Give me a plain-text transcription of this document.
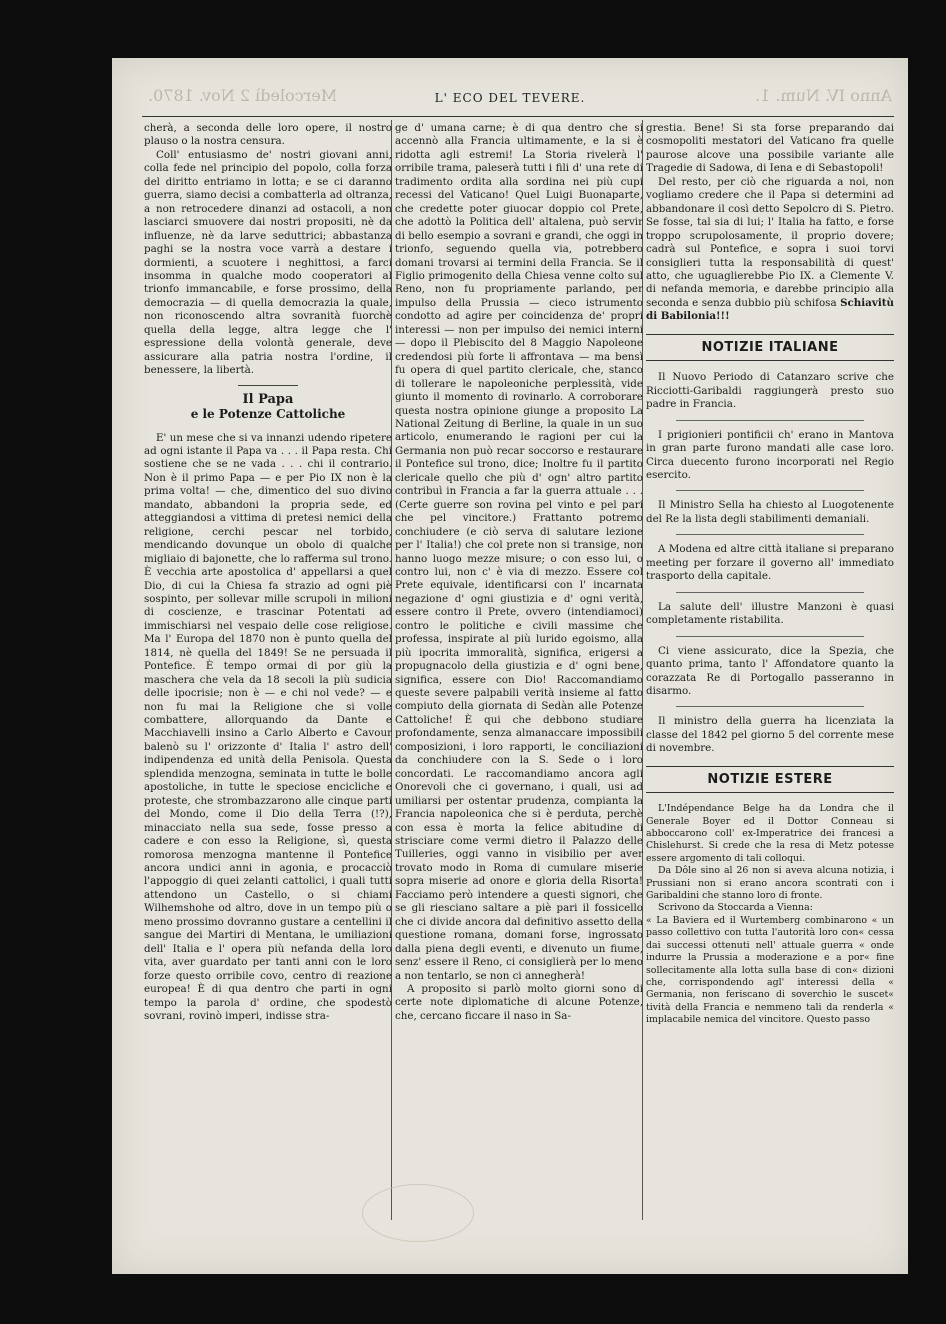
Mercoledì 2 Nov. 1870.	L' ECO DEL TEVERE.	Anno IV. Num. 1.

cherà, a seconda delle loro opere, il nostro plauso o la nostra censura.

Coll' entusiasmo de' nostri giovani anni, colla fede nel principio del popolo, colla forza del diritto entriamo in lotta; e se ci daranno guerra, siamo decisi a combatterla ad oltranza, a non retrocedere dinanzi ad ostacoli, a non lasciarci smuovere dai nostri propositi, nè da influenze, nè da larve seduttrici; abbastanza paghi se la nostra voce varrà a destare i dormienti, a scuotere i neghittosi, a farci insomma in qualche modo cooperatori al trionfo immancabile, e forse prossimo, della democrazia — di quella democrazia la quale, non riconoscendo altra sovranità fuorchè quella della legge, altra legge che l' espressione della volontà generale, deve assicurare alla patria nostra l'ordine, il benessere, la libertà.

Il Papa
e le Potenze Cattoliche

E' un mese che si va innanzi udendo ripetere ad ogni istante il Papa va . . . il Papa resta. Chi sostiene che se ne vada . . . chi il contrario. Non è il primo Papa — e per Pio IX non è la prima volta! — che, dimentico del suo divino mandato, abbandoni la propria sede, ed atteggiandosi a vittima di pretesi nemici della religione, cerchi pescar nel torbido, mendicando dovunque un obolo di qualche migliaio di bajonette, che lo rafferma sul trono. È vecchia arte apostolica d' appellarsi a quel Dio, di cui la Chiesa fa strazio ad ogni piè sospinto, per sollevar mille scrupoli in milioni di coscienze, e trascinar Potentati ad immischiarsi nel vespaio delle cose religiose. Ma l' Europa del 1870 non è punto quella del 1814, nè quella del 1849! Se ne persuada il Pontefice. È tempo ormai di por giù la maschera che vela da 18 secoli la più sudicia delle ipocrisie; non è — e chi nol vede? — e non fu mai la Religione che si volle combattere, allorquando da Dante e Macchiavelli insino a Carlo Alberto e Cavour balenò su l' orizzonte d' Italia l' astro dell' indipendenza ed unità della Penisola. Questa splendida menzogna, seminata in tutte le bolle apostoliche, in tutte le speciose encicliche e proteste, che strombazzarono alle cinque parti del Mondo, come il Dio della Terra (!?), minacciato nella sua sede, fosse presso a cadere e con esso la Religione, sì, questa romorosa menzogna mantenne il Pontefice ancora undici anni in agonia, e procacciò l'appoggio di quei zelanti cattolici, i quali tutti attendono un Castello, o si chiami Wilhemshohe od altro, dove in un tempo più o meno prossimo dovranno gustare a centellini il sangue dei Martiri di Mentana, le umiliazioni dell' Italia e l' opera più nefanda della loro vita, aver guardato per tanti anni con le loro forze questo orribile covo, centro di reazione europea! È di qua dentro che parti in ogni tempo la parola d' ordine, che spodestò sovrani, rovinò imperi, indisse stra-

ge d' umana carne; è di qua dentro che si accennò alla Francia ultimamente, e la si è ridotta agli estremi! La Storia rivelerà l' orribile trama, paleserà tutti i fili d' una rete di tradimento ordita alla sordina nei più cupi recessi del Vaticano! Quel Luigi Buonaparte, che credette poter giuocar doppio col Prete, che adottò la Politica dell' altalena, può servir di bello esempio a sovrani e grandi, che oggi in trionfo, seguendo quella via, potrebbero domani trovarsi ai termini della Francia. Se il Figlio primogenito della Chiesa venne colto sul Reno, non fu propriamente parlando, per impulso della Prussia — cieco istrumento condotto ad agire per coincidenza de' propri interessi — non per impulso dei nemici interni — dopo il Plebiscito del 8 Maggio Napoleone credendosi più forte li affrontava — ma bensì fu opera di quel partito clericale, che, stanco di tollerare le napoleoniche perplessità, vide giunto il momento di rovinarlo. A corroborare questa nostra opinione giunge a proposito La National Zeitung di Berline, la quale in un suo articolo, enumerando le ragioni per cui la Germania non può recar soccorso e restaurare il Pontefice sul trono, dice; Inoltre fu il partito clericale quello che più d' ogn' altro partito contribuì in Francia a far la guerra attuale . . . (Certe guerre son rovina pel vinto e pel pari che pel vincitore.) Frattanto potremo conchiudere (e ciò serva di salutare lezione per l' Italia!) che col prete non si transige, non hanno luogo mezze misure; o con esso lui, o contro lui, non c' è via di mezzo. Essere col Prete equivale, identificarsi con l' incarnata negazione d' ogni giustizia e d' ogni verità, essere contro il Prete, ovvero (intendiamoci) contro le politiche e civili massime che professa, inspirate al più lurido egoismo, alla più ipocrita immoralità, significa, erigersi a propugnacolo della giustizia e d' ogni bene, significa, essere con Dio! Raccomandiamo queste severe palpabili verità insieme al fatto compiuto della giornata di Sedàn alle Potenze Cattoliche! È qui che debbono studiare profondamente, senza almanaccare impossibili composizioni, i loro rapporti, le conciliazioni da conchiudere con la S. Sede o i loro concordati. Le raccomandiamo ancora agli Onorevoli che ci governano, i quali, usi ad umiliarsi per ostentar prudenza, compianta la Francia napoleonica che si è perduta, perchè con essa è morta la felice abitudine di strisciare come vermi dietro il Palazzo delle Tuilleries, oggi vanno in visibilio per aver trovato modo in Roma di cumulare miserie sopra miserie ad onore e gloria della Risorta! Facciamo però intendere a questi signori, che se gli riesciano saltare a piè pari il fossicello che ci divide ancora dal definitivo assetto della questione romana, domani forse, ingrossato dalla piena degli eventi, e divenuto un fiume, senz' essere il Reno, ci consiglierà per lo meno a non tentarlo, se non ci annegherà!

A proposito si parlò molto giorni sono di certe note diplomatiche di alcune Potenze, che, cercano ficcare il naso in Sa-

grestia. Bene! Si sta forse preparando dai cosmopoliti mestatori del Vaticano fra quelle paurose alcove una possibile variante alle Tragedie di Sadowa, di Iena e di Sebastopoli!

Del resto, per ciò che riguarda a noi, non vogliamo credere che il Papa si determini ad abbandonare il così detto Sepolcro di S. Pietro. Se fosse, tal sia di lui; l' Italia ha fatto, e forse troppo scrupolosamente, il proprio dovere; cadrà sul Pontefice, e sopra i suoi torvi consiglieri tutta la responsabilità di quest' atto, che uguaglierebbe Pio IX. a Clemente V. di nefanda memoria, e darebbe principio alla seconda e senza dubbio più schifosa Schiavitù di Babilonia!!!

NOTIZIE ITALIANE

Il Nuovo Periodo di Catanzaro scrive che Ricciotti-Garibaldi raggiungerà presto suo padre in Francia.

I prigionieri pontificii ch' erano in Mantova in gran parte furono mandati alle case loro. Circa duecento furono incorporati nel Regio esercito.

Il Ministro Sella ha chiesto al Luogotenente del Re la lista degli stabilimenti demaniali.

A Modena ed altre città italiane si preparano meeting per forzare il governo all' immediato trasporto della capitale.

La salute dell' illustre Manzoni è quasi completamente ristabilita.

Ci viene assicurato, dice la Spezia, che quanto prima, tanto l' Affondatore quanto la corazzata Re di Portogallo passeranno in disarmo.

Il ministro della guerra ha licenziata la classe del 1842 pel giorno 5 del corrente mese di novembre.

NOTIZIE ESTERE

L'Indépendance Belge ha da Londra che il Generale Boyer ed il Dottor Conneau si abboccarono coll' ex-Imperatrice dei francesi a Chislehurst. Si crede che la resa di Metz potesse essere argomento di tali colloqui.

Da Dôle sino al 26 non si aveva alcuna notizia, i Prussiani non si erano ancora scontrati con i Garibaldini che stanno loro di fronte.

Scrivono da Stoccarda a Vienna:

« La Baviera ed il Wurtemberg combinarono « un passo collettivo con tutta l'autorità loro con« cessa dai successi ottenuti nell' attuale guerra « onde indurre la Prussia a moderazione e a por« fine sollecitamente alla lotta sulla base di con« dizioni che, corrispondendo agl' interessi della « Germania, non feriscano di soverchio le suscet« tività della Francia e nemmeno tali da renderla « implacabile nemica del vincitore. Questo passo
